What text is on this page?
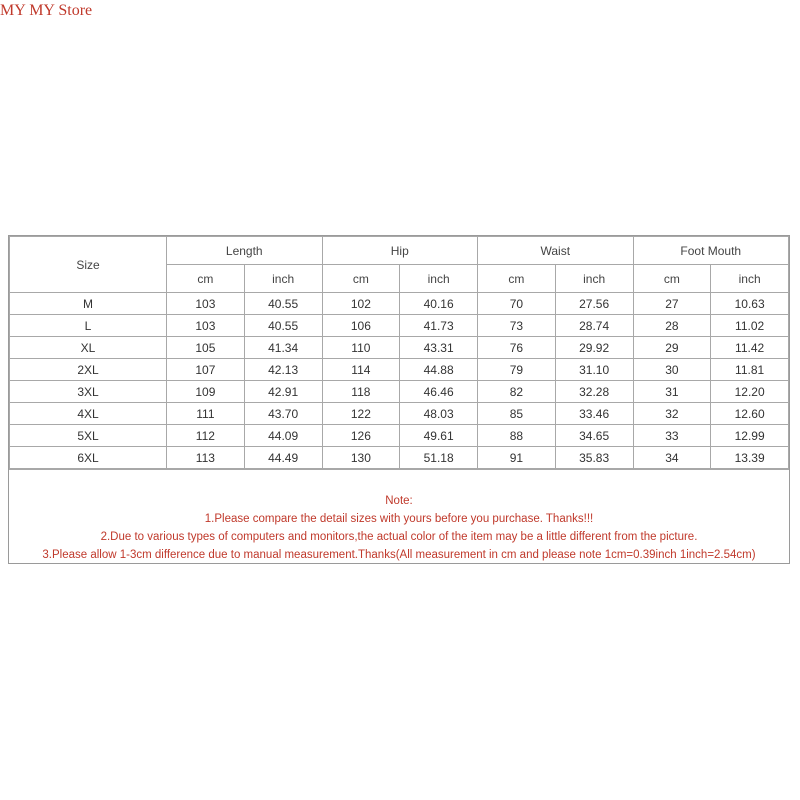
MY MY Store
Size	Length		Hip		Waist		Foot Mouth	
	cm	inch	cm	inch	cm	inch	cm	inch
M	103	40.55	102	40.16	70	27.56	27	10.63
L	103	40.55	106	41.73	73	28.74	28	11.02
XL	105	41.34	110	43.31	76	29.92	29	11.42
2XL	107	42.13	114	44.88	79	31.10	30	11.81
3XL	109	42.91	118	46.46	82	32.28	31	12.20
4XL	111	43.70	122	48.03	85	33.46	32	12.60
5XL	112	44.09	126	49.61	88	34.65	33	12.99
6XL	113	44.49	130	51.18	91	35.83	34	13.39
Note:
1.Please compare the detail sizes with yours before you purchase. Thanks!!!
2.Due to various types of computers and monitors,the actual color of the item may be a little different from the picture.
3.Please allow 1-3cm difference due to manual measurement.Thanks(All measurement in cm and please note 1cm=0.39inch 1inch=2.54cm)
